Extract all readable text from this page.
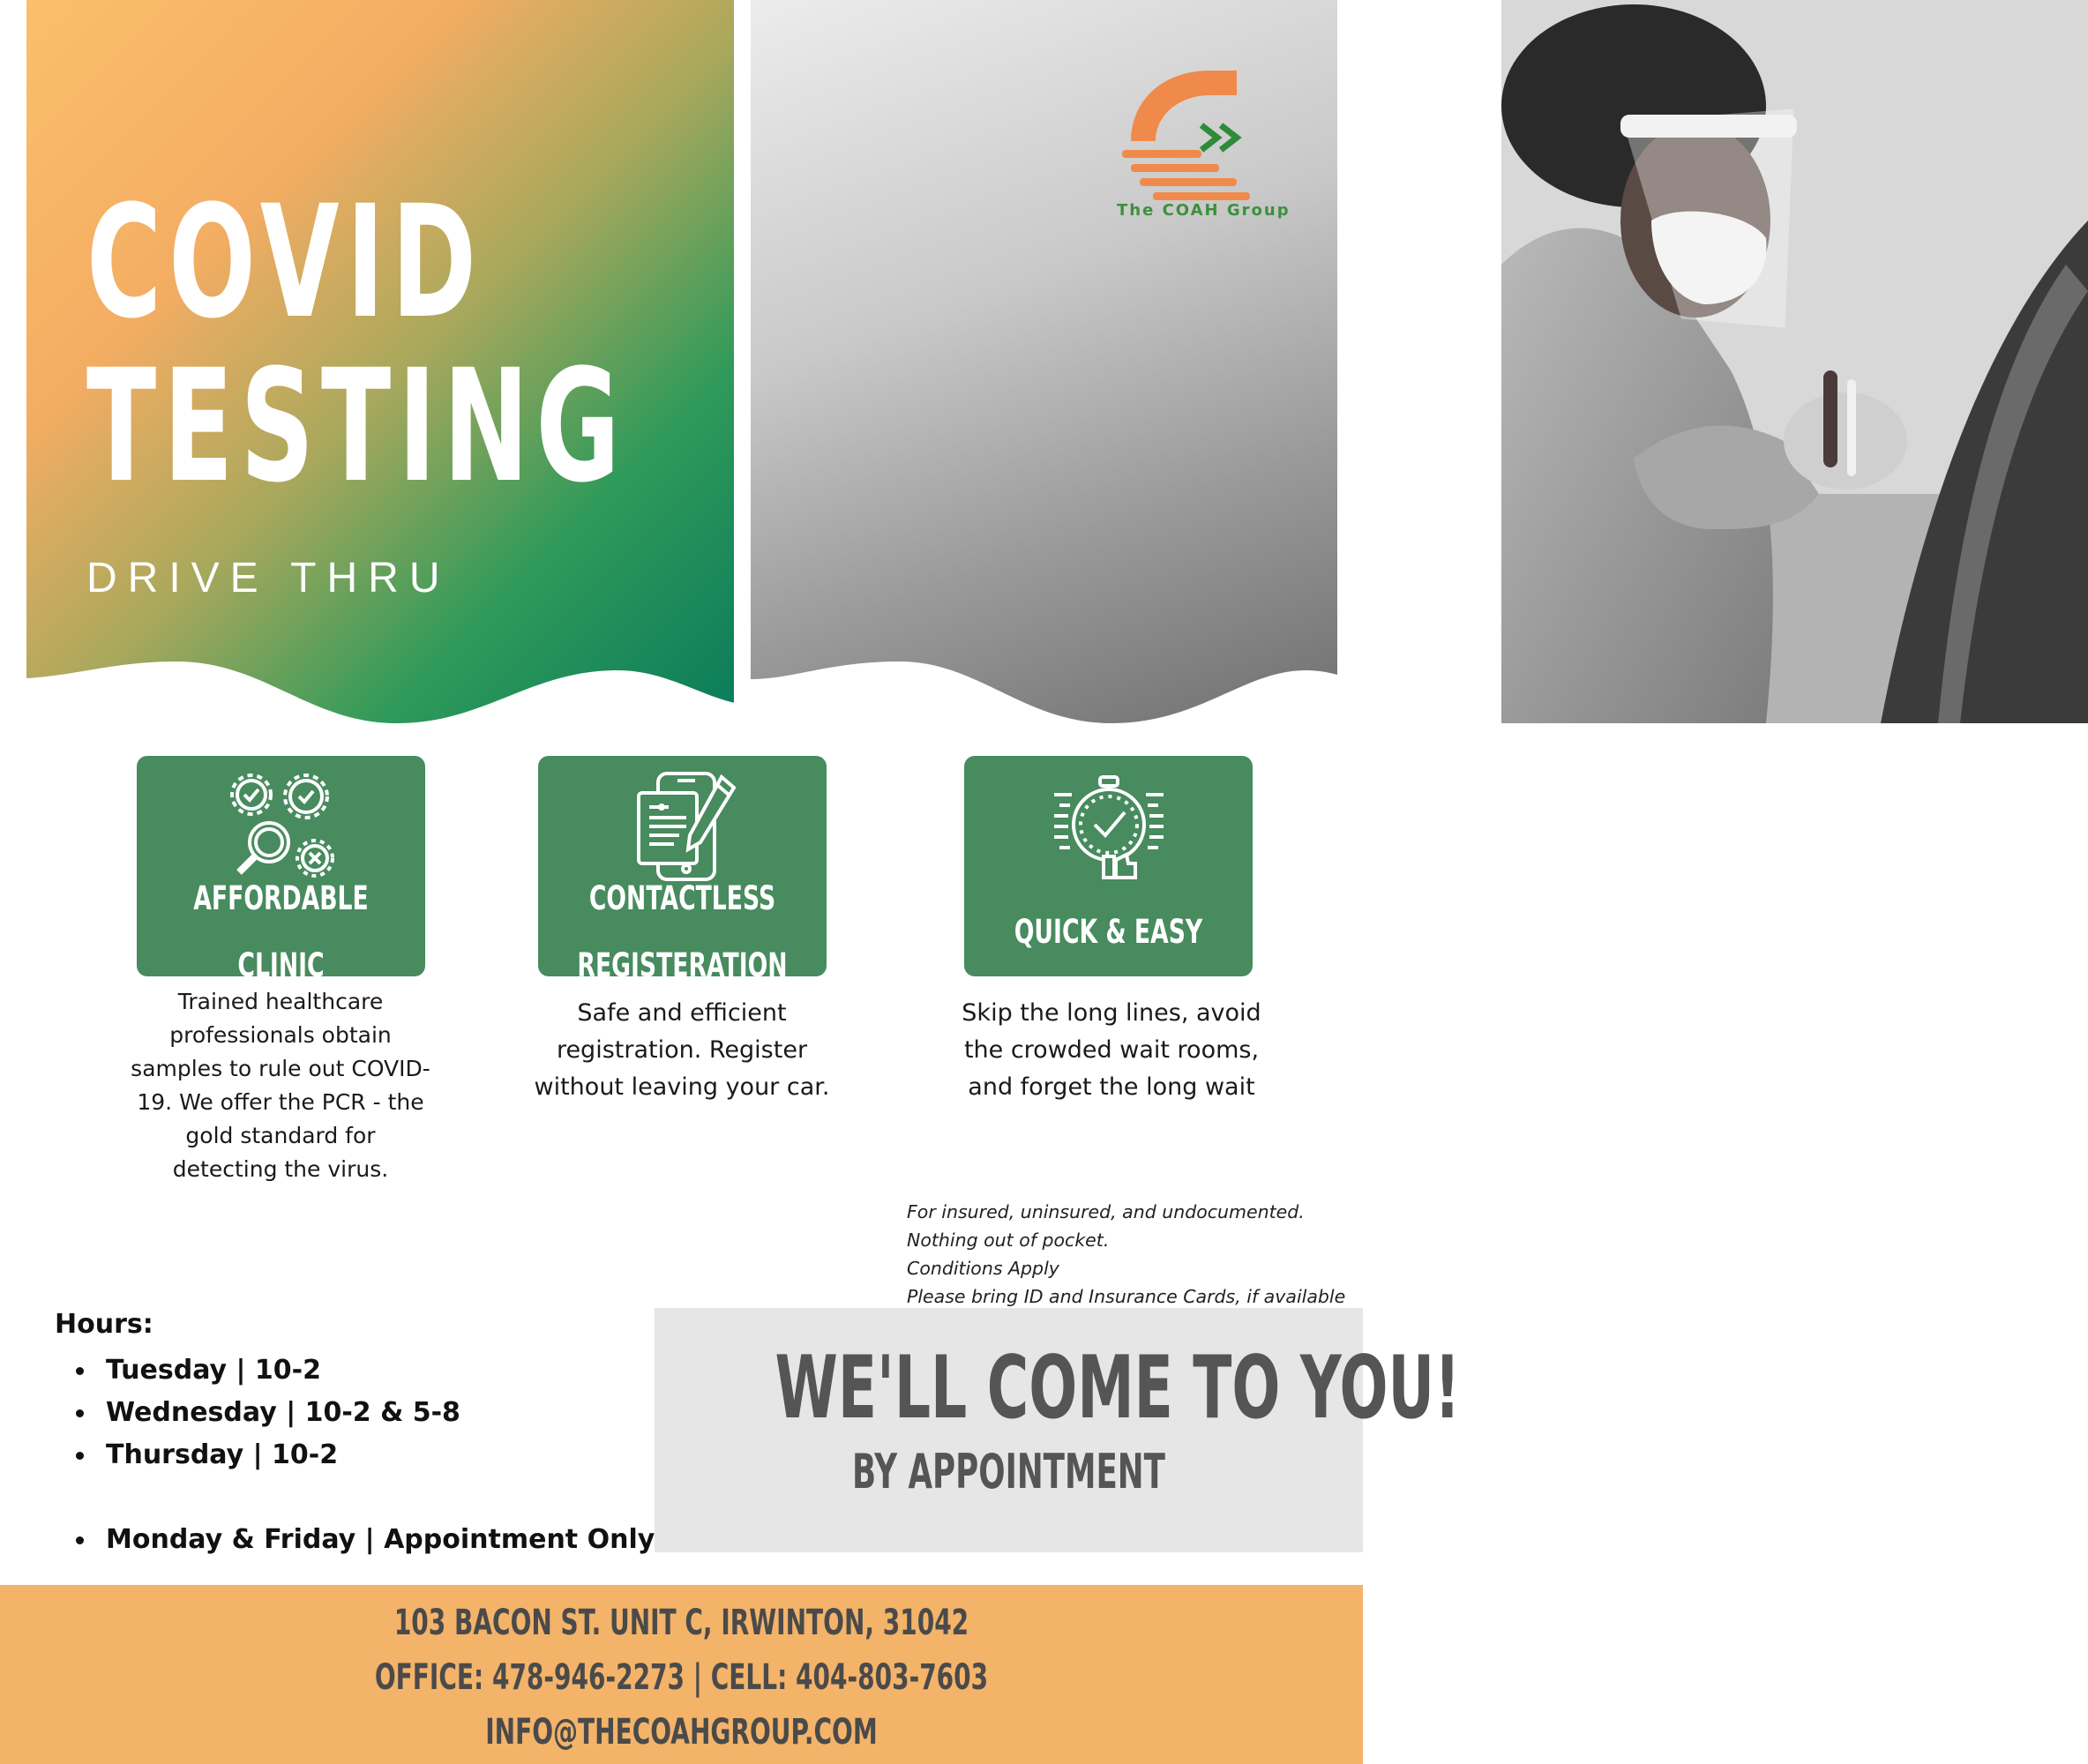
COVID
TESTING

DRIVE THRU

The COAH Group
AFFORDABLE

CLINIC

Trained healthcare professionals obtain samples to rule out COVID-19. We offer the PCR - the gold standard for detecting the virus.

CONTACTLESS

REGISTERATION

Safe and efficient registration. Register without leaving your car.

QUICK & EASY

Skip the long lines, avoid the crowded wait rooms, and forget the long wait

For insured, uninsured, and undocumented.
Nothing out of pocket.
Conditions Apply
Please bring ID and Insurance Cards, if available
Hours:
Tuesday | 10-2
Wednesday | 10-2 & 5-8
Thursday | 10-2
Monday & Friday | Appointment Only

WE'LL COME TO YOU!

BY APPOINTMENT

103 BACON ST. UNIT C, IRWINTON, 31042

OFFICE: 478-946-2273 | CELL: 404-803-7603

INFO@THECOAHGROUP.COM
